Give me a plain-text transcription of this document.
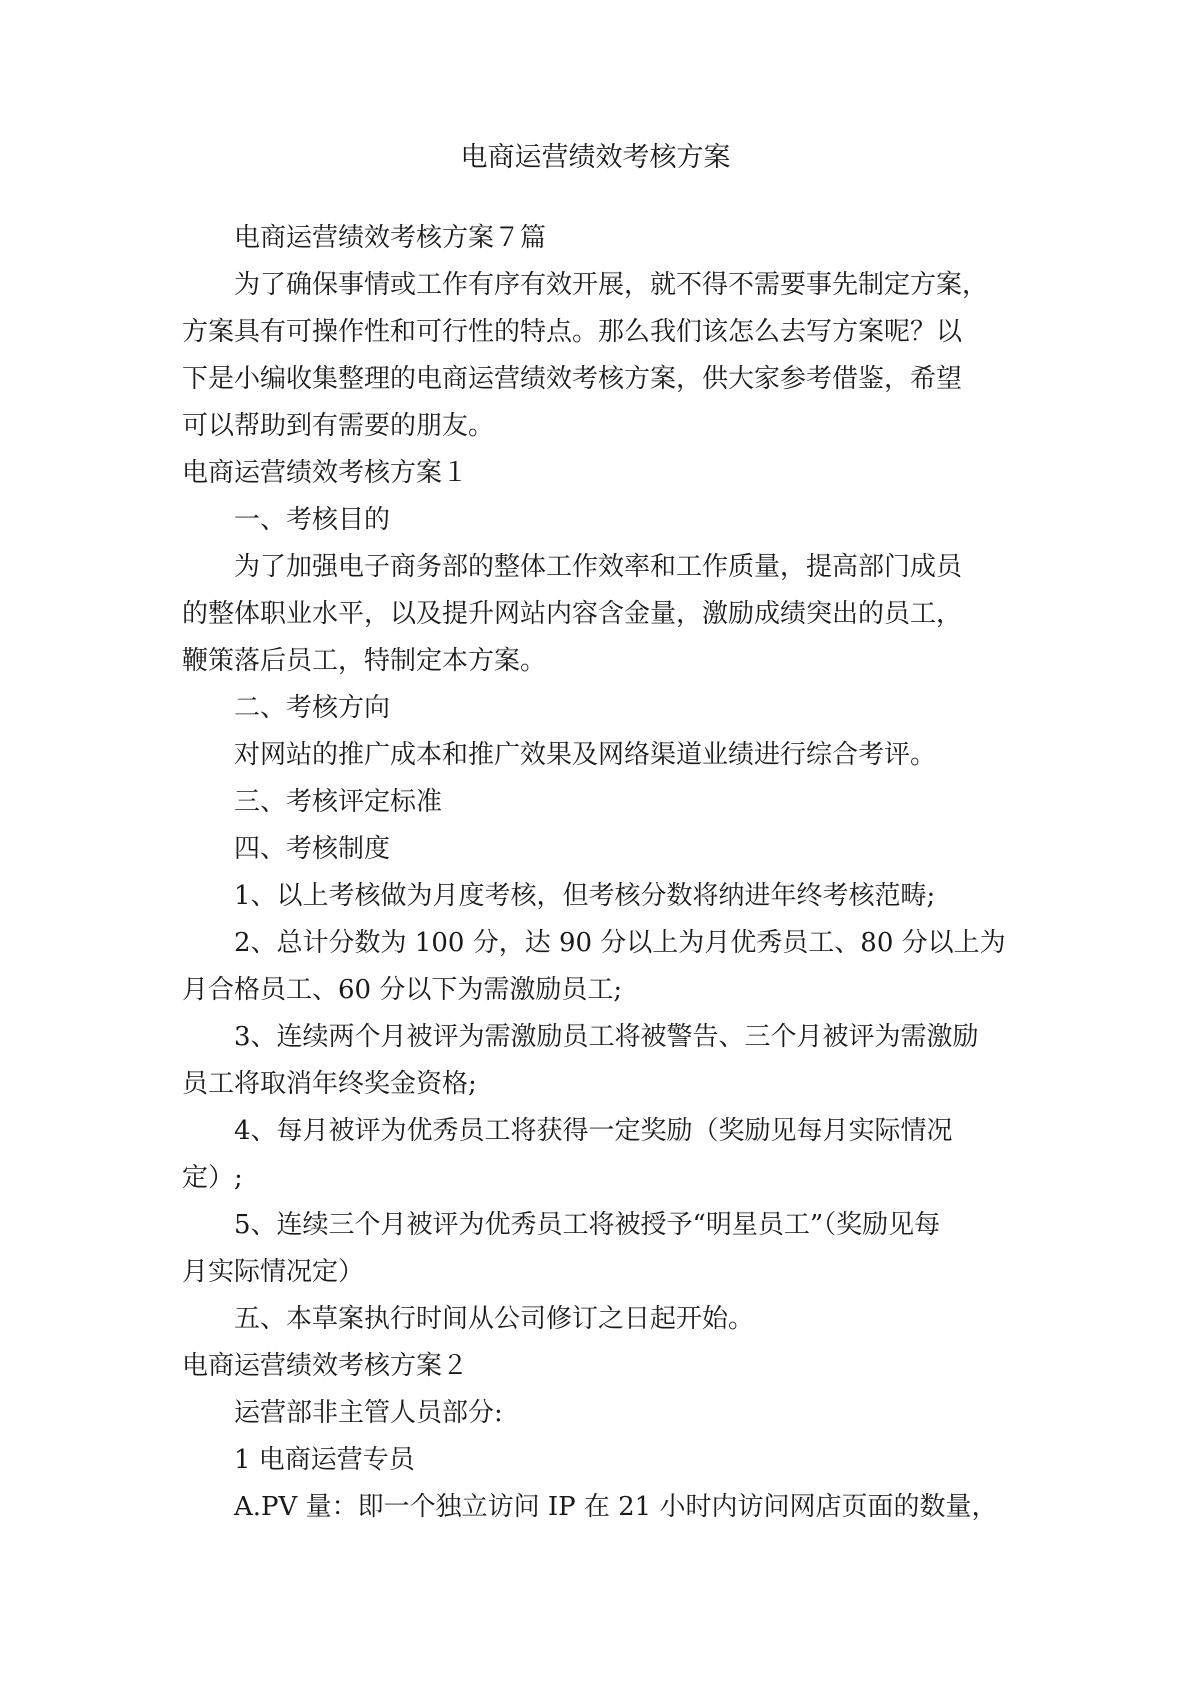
电商运营绩效考核方案
电商运营绩效考核方案７篇
为了确保事情或工作有序有效开展，就不得不需要事先制定方案，
方案具有可操作性和可行性的特点。那么我们该怎么去写方案呢？以
下是小编收集整理的电商运营绩效考核方案，供大家参考借鉴，希望
可以帮助到有需要的朋友。
电商运营绩效考核方案１
一、考核目的
为了加强电子商务部的整体工作效率和工作质量，提高部门成员
的整体职业水平，以及提升网站内容含金量，激励成绩突出的员工，
鞭策落后员工，特制定本方案。
二、考核方向
对网站的推广成本和推广效果及网络渠道业绩进行综合考评。
三、考核评定标准
四、考核制度
1、以上考核做为月度考核，但考核分数将纳进年终考核范畴;
2、总计分数为 100 分，达 90 分以上为月优秀员工、80 分以上为
月合格员工、60 分以下为需激励员工;
3、连续两个月被评为需激励员工将被警告、三个月被评为需激励
员工将取消年终奖金资格;
4、每月被评为优秀员工将获得一定奖励（奖励见每月实际情况
定）;
5、连续三个月被评为优秀员工将被授予“明星员工”（奖励见每
月实际情况定）
五、本草案执行时间从公司修订之日起开始。
电商运营绩效考核方案２
运营部非主管人员部分:
1 电商运营专员
A.PV 量：即一个独立访问 IP 在 21 小时内访问网店页面的数量，
